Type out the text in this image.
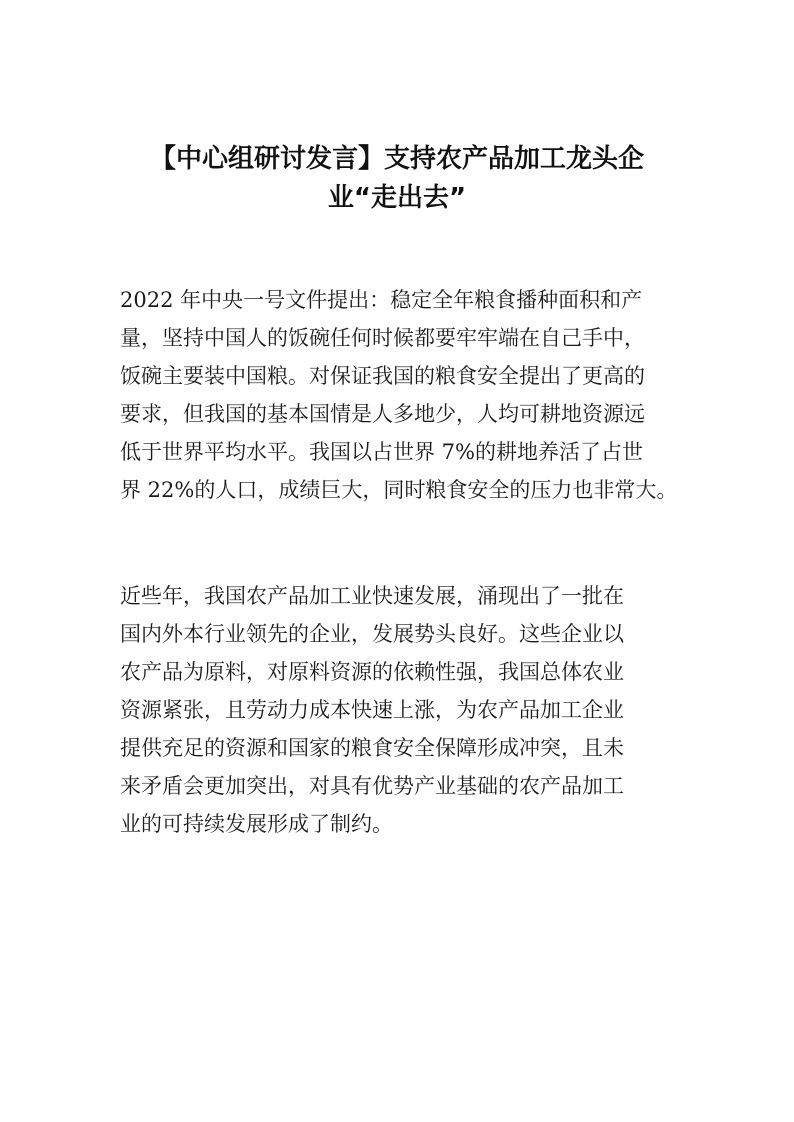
【中心组研讨发言】支持农产品加工龙头企
业“走出去”
2022 年中央一号文件提出：稳定全年粮食播种面积和产
量，坚持中国人的饭碗任何时候都要牢牢端在自己手中，
饭碗主要装中国粮。对保证我国的粮食安全提出了更高的
要求，但我国的基本国情是人多地少，人均可耕地资源远
低于世界平均水平。我国以占世界 7%的耕地养活了占世
界 22%的人口，成绩巨大，同时粮食安全的压力也非常大。
近些年，我国农产品加工业快速发展，涌现出了一批在
国内外本行业领先的企业，发展势头良好。这些企业以
农产品为原料，对原料资源的依赖性强，我国总体农业
资源紧张，且劳动力成本快速上涨，为农产品加工企业
提供充足的资源和国家的粮食安全保障形成冲突，且未
来矛盾会更加突出，对具有优势产业基础的农产品加工
业的可持续发展形成了制约。
